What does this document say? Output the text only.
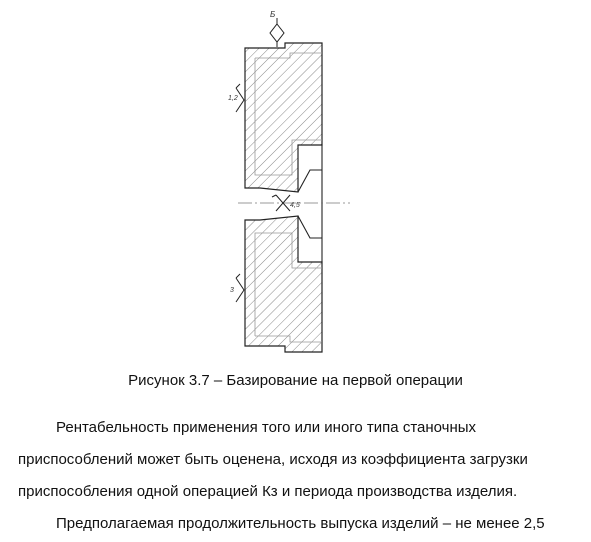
Б
1,2
3
4,5
Рисунок 3.7 – Базирование на первой операции
Рентабельность применения того или иного типа станочных
приспособлений может быть оценена, исходя из коэффициента загрузки
приспособления одной операцией Кз и периода производства изделия.
Предполагаемая продолжительность выпуска изделий – не менее 2,5
